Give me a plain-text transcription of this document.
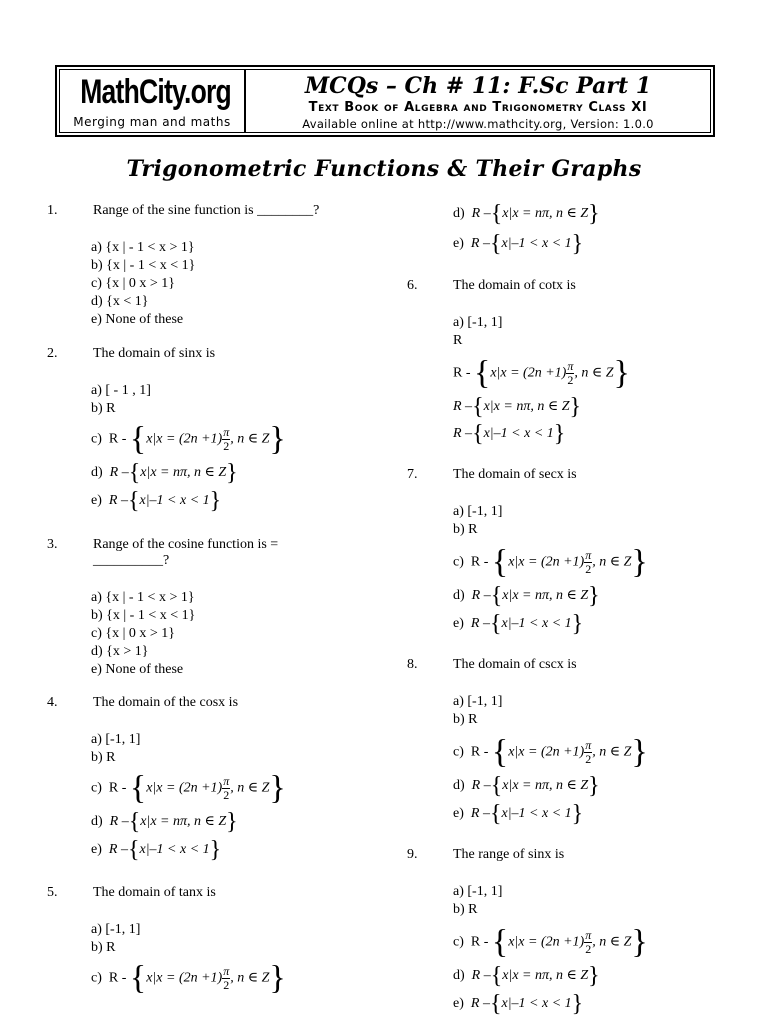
MathCity.org
Merging man and maths
MCQs – Ch # 11: F.Sc Part 1
Text Book of Algebra and Trigonometry Class XI
Available online at http://www.mathcity.org, Version: 1.0.0
Trigonometric Functions & Their Graphs
1.	Range of the sine function is ________?
a) {x | - 1 < x > 1}
b) {x | - 1 < x < 1}
c) {x | 0 x > 1}
d) {x < 1}
e) None of these
2.	The domain of sinx is
a) [ - 1 , 1]
b) R
c) $R - \{x|x = (2n +1) \frac{\pi}{2}$ , n ∈ Z}
d) R –{x|x = nπ, n ∈ Z}
e) R –{x|–1 < x < 1}
3.	Range of the cosine function is =
__________?
a) {x | - 1 < x > 1}
b) {x | - 1 < x < 1}
c) {x | 0 x > 1}
d) {x > 1}
e) None of these
4.	The domain of the cosx is
a) [-1, 1]
b) R
c) $R - \{x|x = (2n +1) \frac{\pi}{2}$ , n ∈ Z}
d) R –{x|x = nπ, n ∈ Z}
e) R –{x|–1 < x < 1}
5.	The domain of tanx is
a) [-1, 1]
b) R
c) $R - \{x|x = (2n +1) \frac{\pi}{2}$ , n ∈ Z}
d) R –{x|x = nπ, n ∈ Z}
e) R –{x|–1 < x < 1}
6.	The domain of cotx is
a) [-1, 1]
R
$R - \{x|x = (2n +1) \frac{\pi}{2}$ , n ∈ Z}
R –{x|x = nπ, n ∈ Z}
R –{x|–1 < x < 1}
7.	The domain of secx is
a) [-1, 1]
b) R
c) $R - \{x|x = (2n +1) \frac{\pi}{2}$ , n ∈ Z}
d) R –{x|x = nπ, n ∈ Z}
e) R –{x|–1 < x < 1}
8.	The domain of cscx is
a) [-1, 1]
b) R
c) $R - \{x|x = (2n +1) \frac{\pi}{2}$ , n ∈ Z}
d) R –{x|x = nπ, n ∈ Z}
e) R –{x|–1 < x < 1}
9.	The range of sinx is
a) [-1, 1]
b) R
c) $R - \{x|x = (2n +1) \frac{\pi}{2}$ , n ∈ Z}
d) R –{x|x = nπ, n ∈ Z}
e) R –{x|–1 < x < 1}
